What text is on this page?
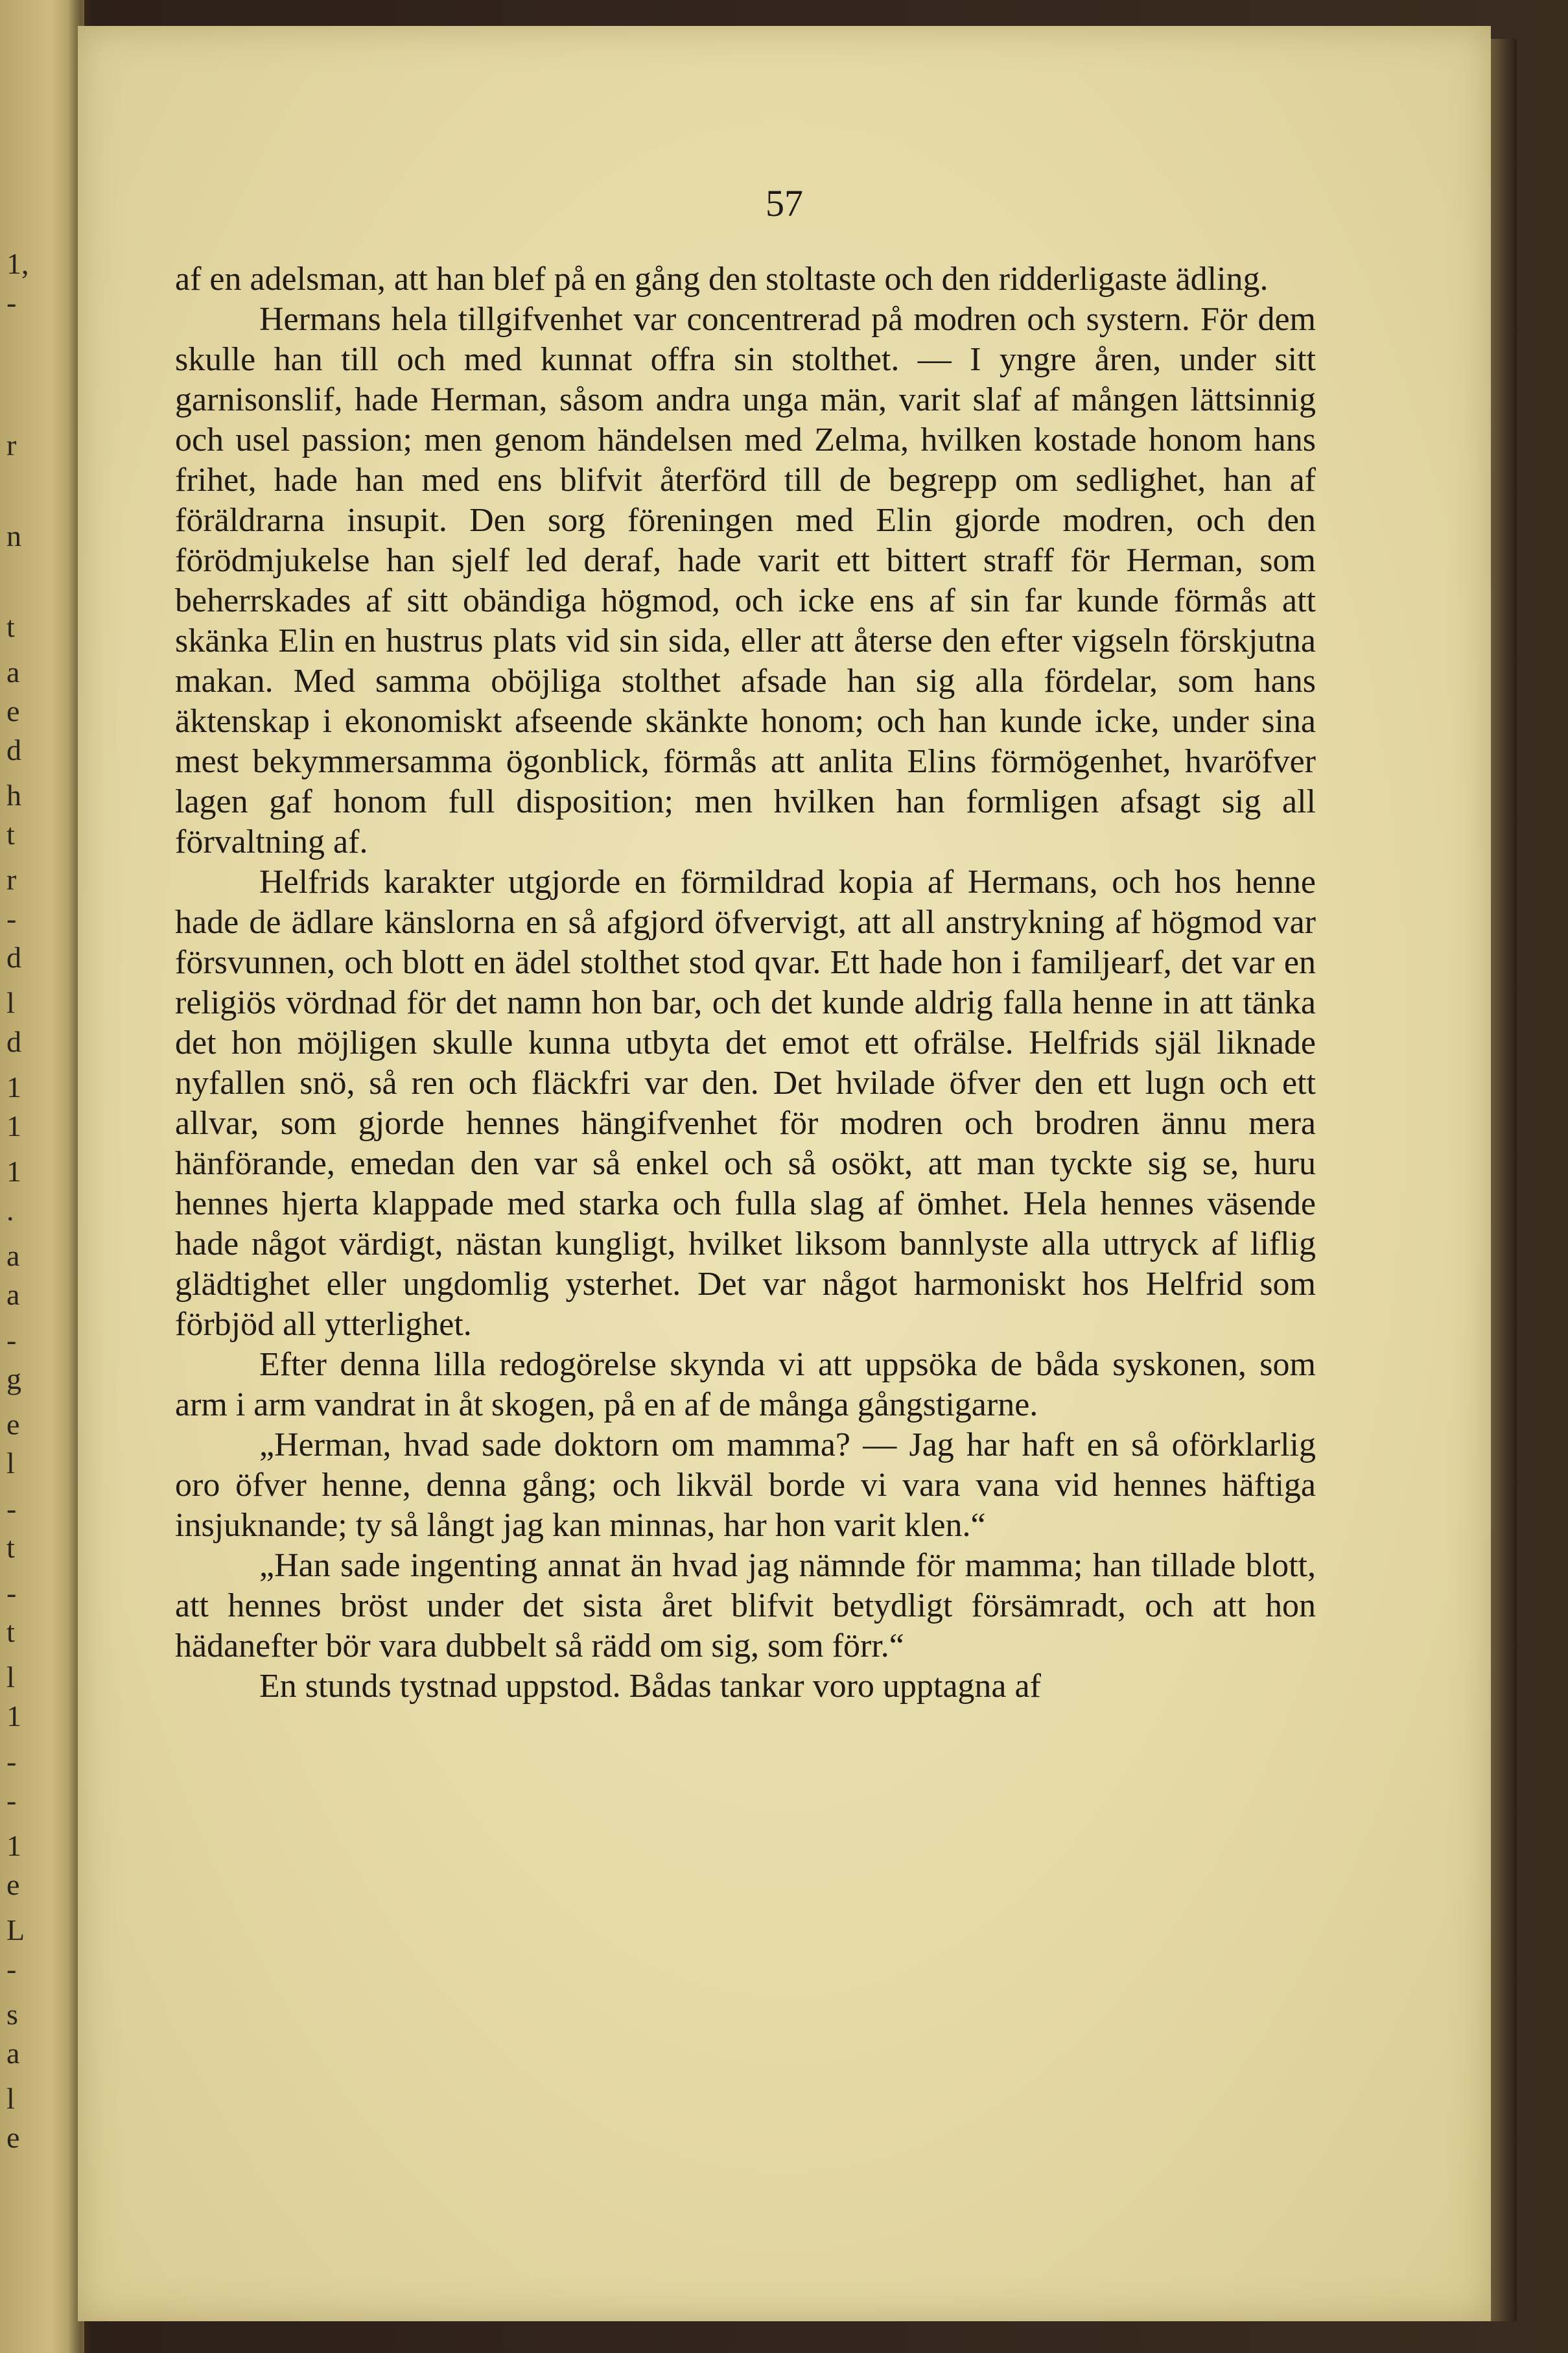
1,
-
r
n
t
a
e
d
h
t
r
-
d
l
d
1
1
1
.
a
a
-
g
e
l
-
t
-
t
l
1
-
-
1
e
L
-
s
a
l
e
57

af en adelsman, att han blef på en gång den stoltaste och den ridderligaste ädling.

Hermans hela tillgifvenhet var concentrerad på modren och systern. För dem skulle han till och med kunnat offra sin stolthet. — I yngre åren, under sitt garnisonslif, hade Herman, såsom andra unga män, varit slaf af mången lättsinnig och usel passion; men genom händelsen med Zelma, hvilken kostade honom hans frihet, hade han med ens blifvit återförd till de begrepp om sedlighet, han af föräldrarna insupit. Den sorg föreningen med Elin gjorde modren, och den förödmjukelse han sjelf led deraf, hade varit ett bittert straff för Herman, som beherrskades af sitt obändiga högmod, och icke ens af sin far kunde förmås att skänka Elin en hustrus plats vid sin sida, eller att återse den efter vigseln förskjutna makan. Med samma oböjliga stolthet afsade han sig alla fördelar, som hans äktenskap i ekonomiskt afseende skänkte honom; och han kunde icke, under sina mest bekymmersamma ögonblick, förmås att anlita Elins förmögenhet, hvaröfver lagen gaf honom full disposition; men hvilken han formligen afsagt sig all förvaltning af.

Helfrids karakter utgjorde en förmildrad kopia af Hermans, och hos henne hade de ädlare känslorna en så afgjord öfvervigt, att all anstrykning af högmod var försvunnen, och blott en ädel stolthet stod qvar. Ett hade hon i familjearf, det var en religiös vördnad för det namn hon bar, och det kunde aldrig falla henne in att tänka det hon möjligen skulle kunna utbyta det emot ett ofrälse. Helfrids själ liknade nyfallen snö, så ren och fläckfri var den. Det hvilade öfver den ett lugn och ett allvar, som gjorde hennes hängifvenhet för modren och brodren ännu mera hänförande, emedan den var så enkel och så osökt, att man tyckte sig se, huru hennes hjerta klappade med starka och fulla slag af ömhet. Hela hennes väsende hade något värdigt, nästan kungligt, hvilket liksom bannlyste alla uttryck af liflig glädtighet eller ungdomlig ysterhet. Det var något harmoniskt hos Helfrid som förbjöd all ytterlighet.

Efter denna lilla redogörelse skynda vi att uppsöka de båda syskonen, som arm i arm vandrat in åt skogen, på en af de många gångstigarne.

„Herman, hvad sade doktorn om mamma? — Jag har haft en så oförklarlig oro öfver henne, denna gång; och likväl borde vi vara vana vid hennes häftiga insjuknande; ty så långt jag kan minnas, har hon varit klen.“

„Han sade ingenting annat än hvad jag nämnde för mamma; han tillade blott, att hennes bröst under det sista året blifvit betydligt försämradt, och att hon hädanefter bör vara dubbelt så rädd om sig, som förr.“

En stunds tystnad uppstod. Bådas tankar voro upptagna af
